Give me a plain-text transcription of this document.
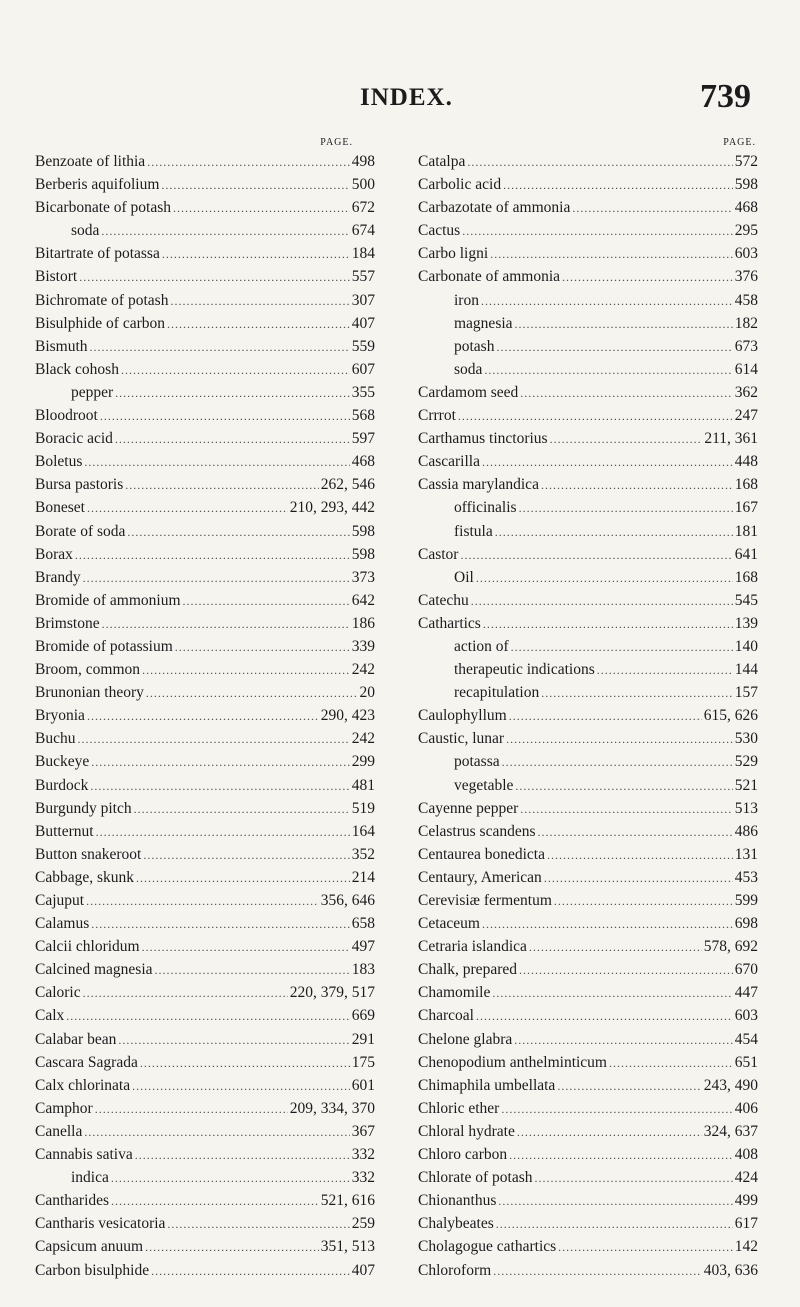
INDEX.	739
PAGE.
Benzoate of lithia .....	498
Berberis aquifolium .....	500
Bicarbonate of potash .....	672
soda .....	674
Bitartrate of potassa .....	184
Bistort .....	557
Bichromate of potash .....	307
Bisulphide of carbon .....	407
Bismuth .....	559
Black cohosh .....	607
pepper .....	355
Bloodroot .....	568
Boracic acid .....	597
Boletus .....	468
Bursa pastoris .....	262, 546
Boneset .....	210, 293, 442
Borate of soda .....	598
Borax .....	598
Brandy .....	373
Bromide of ammonium .....	642
Brimstone .....	186
Bromide of potassium .....	339
Broom, common .....	242
Brunonian theory .....	20
Bryonia .....	290, 423
Buchu .....	242
Buckeye .....	299
Burdock .....	481
Burgundy pitch .....	519
Butternut .....	164
Button snakeroot .....	352
Cabbage, skunk .....	214
Cajuput .....	356, 646
Calamus .....	658
Calcii chloridum .....	497
Calcined magnesia .....	183
Caloric .....	220, 379, 517
Calx .....	669
Calabar bean .....	291
Cascara Sagrada .....	175
Calx chlorinata .....	601
Camphor .....	209, 334, 370
Canella .....	367
Cannabis sativa .....	332
indica .....	332
Cantharides .....	521, 616
Cantharis vesicatoria .....	259
Capsicum anuum .....	351, 513
Carbon bisulphide .....	407
PAGE.
Catalpa .....	572
Carbolic acid .....	598
Carbazotate of ammonia .....	468
Cactus .....	295
Carbo ligni .....	603
Carbonate of ammonia .....	376
iron .....	458
magnesia .....	182
potash .....	673
soda .....	614
Cardamom seed .....	362
Crrrot .....	247
Carthamus tinctorius .....	211, 361
Cascarilla .....	448
Cassia marylandica .....	168
officinalis .....	167
fistula .....	181
Castor .....	641
Oil .....	168
Catechu .....	545
Cathartics .....	139
action of .....	140
therapeutic indications .....	144
recapitulation .....	157
Caulophyllum .....	615, 626
Caustic, lunar .....	530
potassa .....	529
vegetable .....	521
Cayenne pepper .....	513
Celastrus scandens .....	486
Centaurea bonedicta .....	131
Centaury, American .....	453
Cerevisiæ fermentum .....	599
Cetaceum .....	698
Cetraria islandica .....	578, 692
Chalk, prepared .....	670
Chamomile .....	447
Charcoal .....	603
Chelone glabra .....	454
Chenopodium anthelminticum .....	651
Chimaphila umbellata .....	243, 490
Chloric ether .....	406
Chloral hydrate .....	324, 637
Chloro carbon .....	408
Chlorate of potash .....	424
Chionanthus .....	499
Chalybeates .....	617
Cholagogue cathartics .....	142
Chloroform .....	403, 636
